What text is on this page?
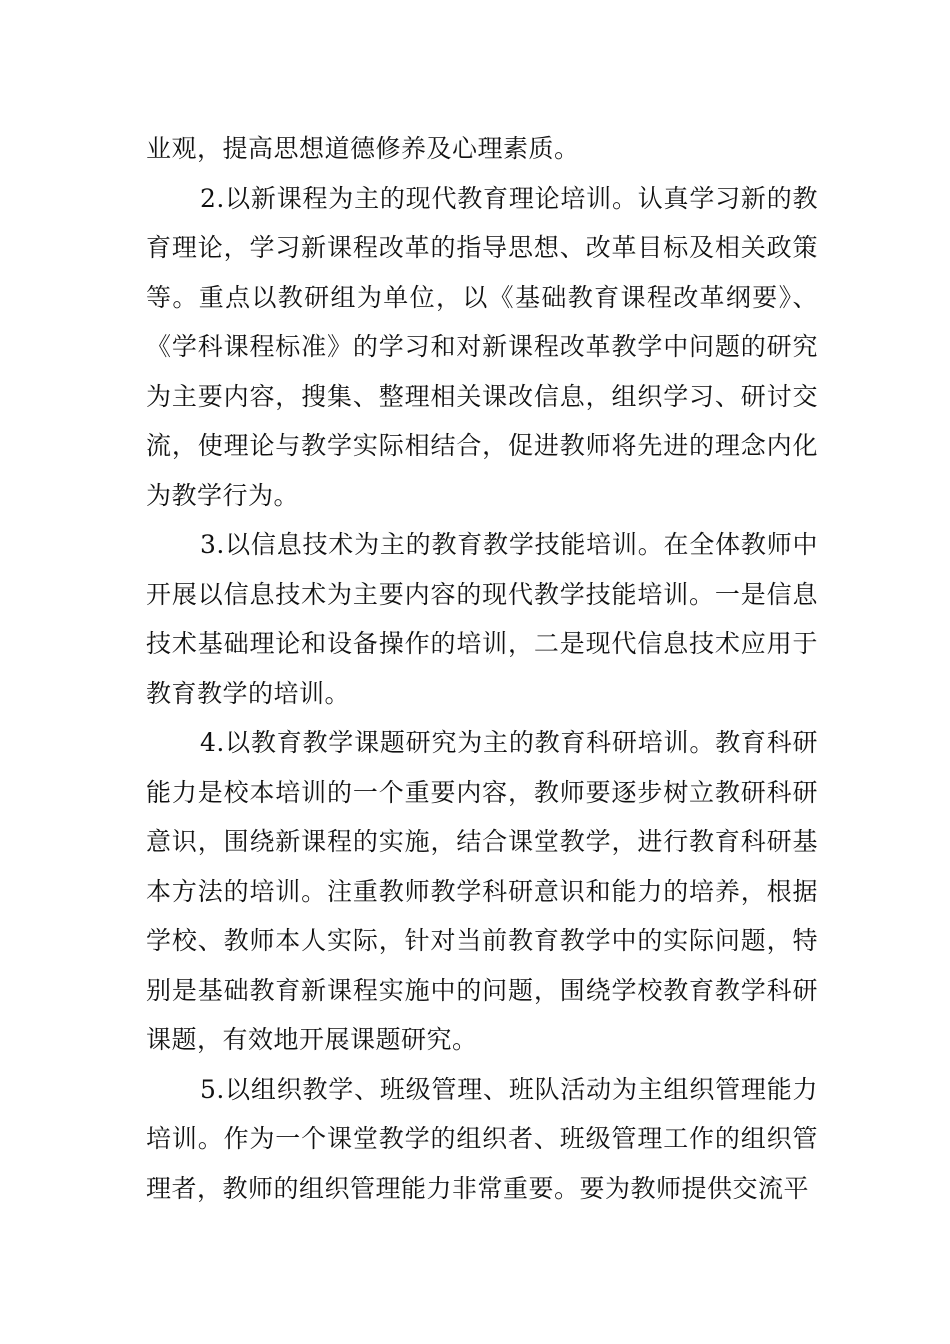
业观，提高思想道德修养及心理素质。

2.以新课程为主的现代教育理论培训。认真学习新的教育理论，学习新课程改革的指导思想、改革目标及相关政策等。重点以教研组为单位，以《基础教育课程改革纲要》、《学科课程标准》的学习和对新课程改革教学中问题的研究为主要内容，搜集、整理相关课改信息，组织学习、研讨交流，使理论与教学实际相结合，促进教师将先进的理念内化为教学行为。

3.以信息技术为主的教育教学技能培训。在全体教师中开展以信息技术为主要内容的现代教学技能培训。一是信息技术基础理论和设备操作的培训，二是现代信息技术应用于教育教学的培训。

4.以教育教学课题研究为主的教育科研培训。教育科研能力是校本培训的一个重要内容，教师要逐步树立教研科研意识，围绕新课程的实施，结合课堂教学，进行教育科研基本方法的培训。注重教师教学科研意识和能力的培养，根据学校、教师本人实际，针对当前教育教学中的实际问题，特别是基础教育新课程实施中的问题，围绕学校教育教学科研课题，有效地开展课题研究。

5.以组织教学、班级管理、班队活动为主组织管理能力培训。作为一个课堂教学的组织者、班级管理工作的组织管理者，教师的组织管理能力非常重要。要为教师提供交流平
